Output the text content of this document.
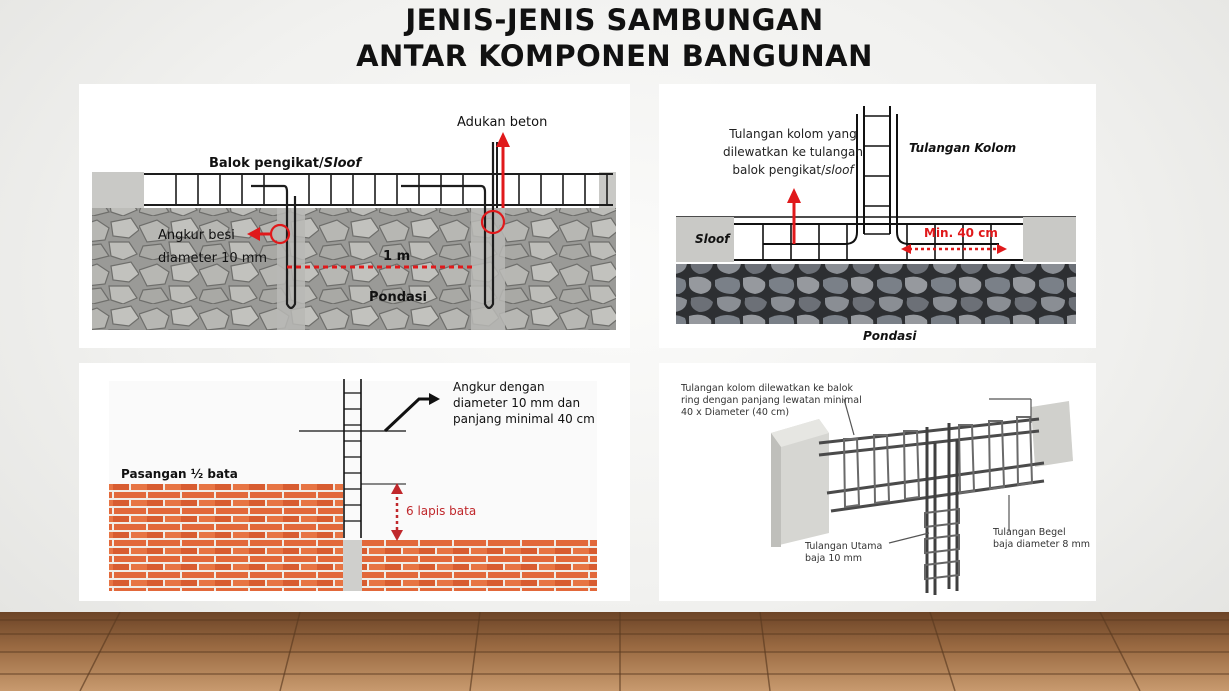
JENIS-JENIS SAMBUNGAN
ANTAR KOMPONEN BANGUNAN
Balok pengikat/Sloof
Adukan beton
Angkur besi
diameter 10 mm	1 m
Pondasi
Tulangan kolom yang
dilewatkan ke tulangan
balok pengikat/sloof
Tulangan Kolom
Sloof	Min. 40 cm
Pondasi
Angkur dengan
diameter 10 mm dan
panjang minimal 40 cm
Pasangan ½ bata
6 lapis bata
Tulangan kolom dilewatkan ke balok
ring dengan panjang lewatan minimal
40 x Diameter (40 cm)
Tulangan Utama
baja 10 mm
Tulangan Begel
baja diameter 8 mm
